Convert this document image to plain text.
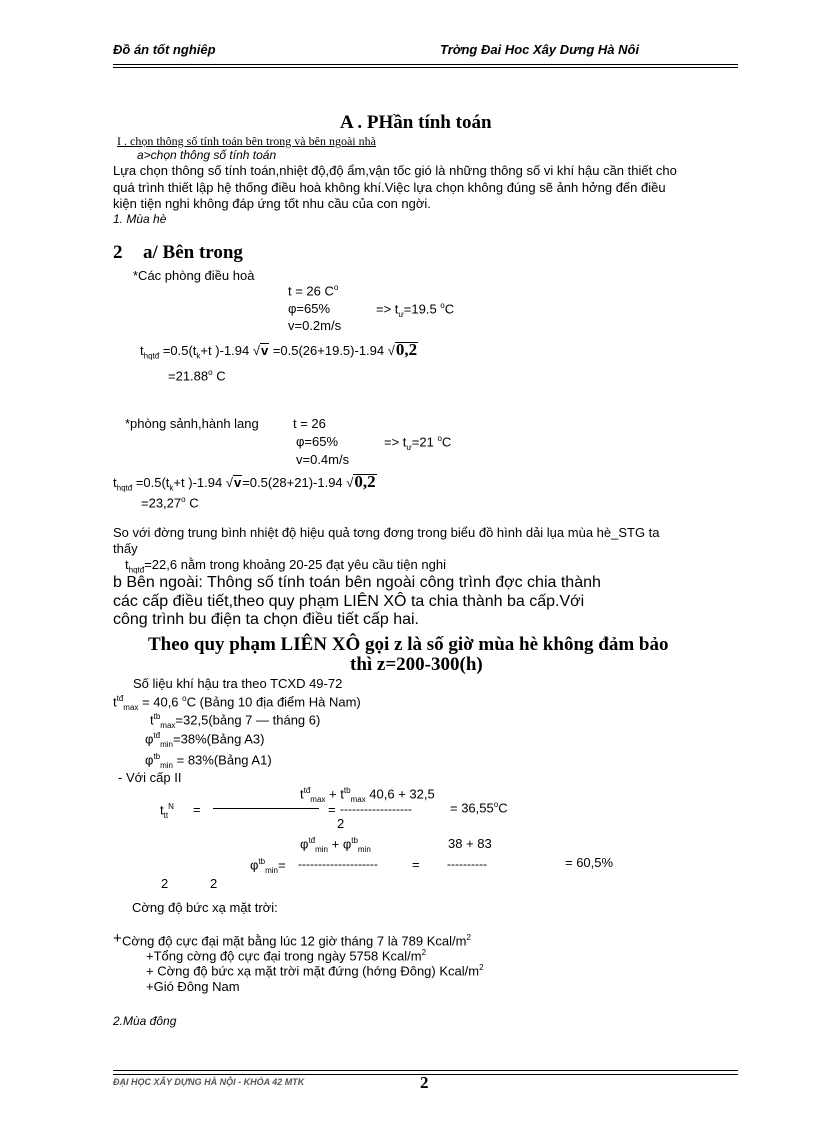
Đồ án tốt nghiêp	Trờng Đai Hoc Xây Dưng Hà Nôi
A . PHần tính toán
I . chọn thông số tính toán bên trong và bên ngoài nhà
a>chọn thông số tính toán
Lựa chọn thông số tính toán,nhiệt độ,độ ẩm,vận tốc gió là những thông số vi khí hậu cần thiết cho
quá trình thiết lập hệ thống điều hoà không khí.Việc lựa chọn không đúng sẽ ảnh hởng đến điều
kiện tiện nghi không đáp ứng tốt nhu cầu của con ngời.
1. Mùa hè
2 a/ Bên trong
*Các phòng điều hoà
t = 26 $C^o$
φ=65%	=> $t_ư=19.5$ $^o$C
v=0.2m/s
$t_{hqtđ} =0.5(t_k+t$ )-1.94 √v =0.5(26+19.5)-1.94 √0,2
$=21.88^o$ C
*phòng sảnh,hành lang	t = 26
φ=65%	=> $t_ư=21$ $^o$C
v=0.4m/s
$t_{hqtđ} =0.5(t_k+t$ )-1.94 √v=0.5(28+21)-1.94 √0,2
$=23,27^o$ C
So với đờng trung bình nhiệt độ hiệu quả tơng đơng trong biểu đồ hình dải lụa mùa hè_STG ta
thấy
$t_{hqtđ}=22,6$ nằm trong khoảng 20-25 đạt yêu cầu tiện nghi
b Bên ngoài: Thông số tính toán bên ngoài công trình đợc chia thành
các cấp điều tiết,theo quy phạm LIÊN XÔ ta chia thành ba cấp.Với
công trình bu điện ta chọn điều tiết cấp hai.
Theo quy phạm LIÊN XÔ gọi z là số giờ mùa hè không đảm bảo
thì z=200-300(h)
Số liệu khí hậu tra theo TCXD 49-72
$t^{tđ}_{max} = 40,6$ $^o$C (Bảng 10 địa điểm Hà Nam)
$t^{tb}_{max}=32,5(bảng$ 7 — tháng 6)
$\varphi^{tđ}_{min}=38\%(Bảng$ A3)
$\varphi^{tb}_{min}$ = 83%(Bảng A1)
- Với cấp II
$t^{tđ}_{max} + t^{tb}_{max}$ 40,6 + 32,5
$t_{tt}^N$ =	= ------------------	= $36,55^oC$
2
$\varphi^{tđ}_{min} + \varphi^{tb}_{min}$	38 + 83
$\varphi^{tb}_{min}=$ --------------------	= ----------	= 60,5%
2	2
Cờng độ bức xạ mặt trời:
+ Cờng độ cực đại mặt bằng lúc 12 giờ tháng 7 là 789 Kcal/$m^2$
+Tổng cờng độ cực đại trong ngày 5758 Kcal/$m^2$
+ Cờng độ bức xạ mặt trời mặt đứng (hớng Đông) Kcal/$m^2$
+Gió Đông Nam
2.Mùa đông
ĐẠI HỌC XÂY DỰNG HÀ NỘI - KHÓA 42 MTK	2
